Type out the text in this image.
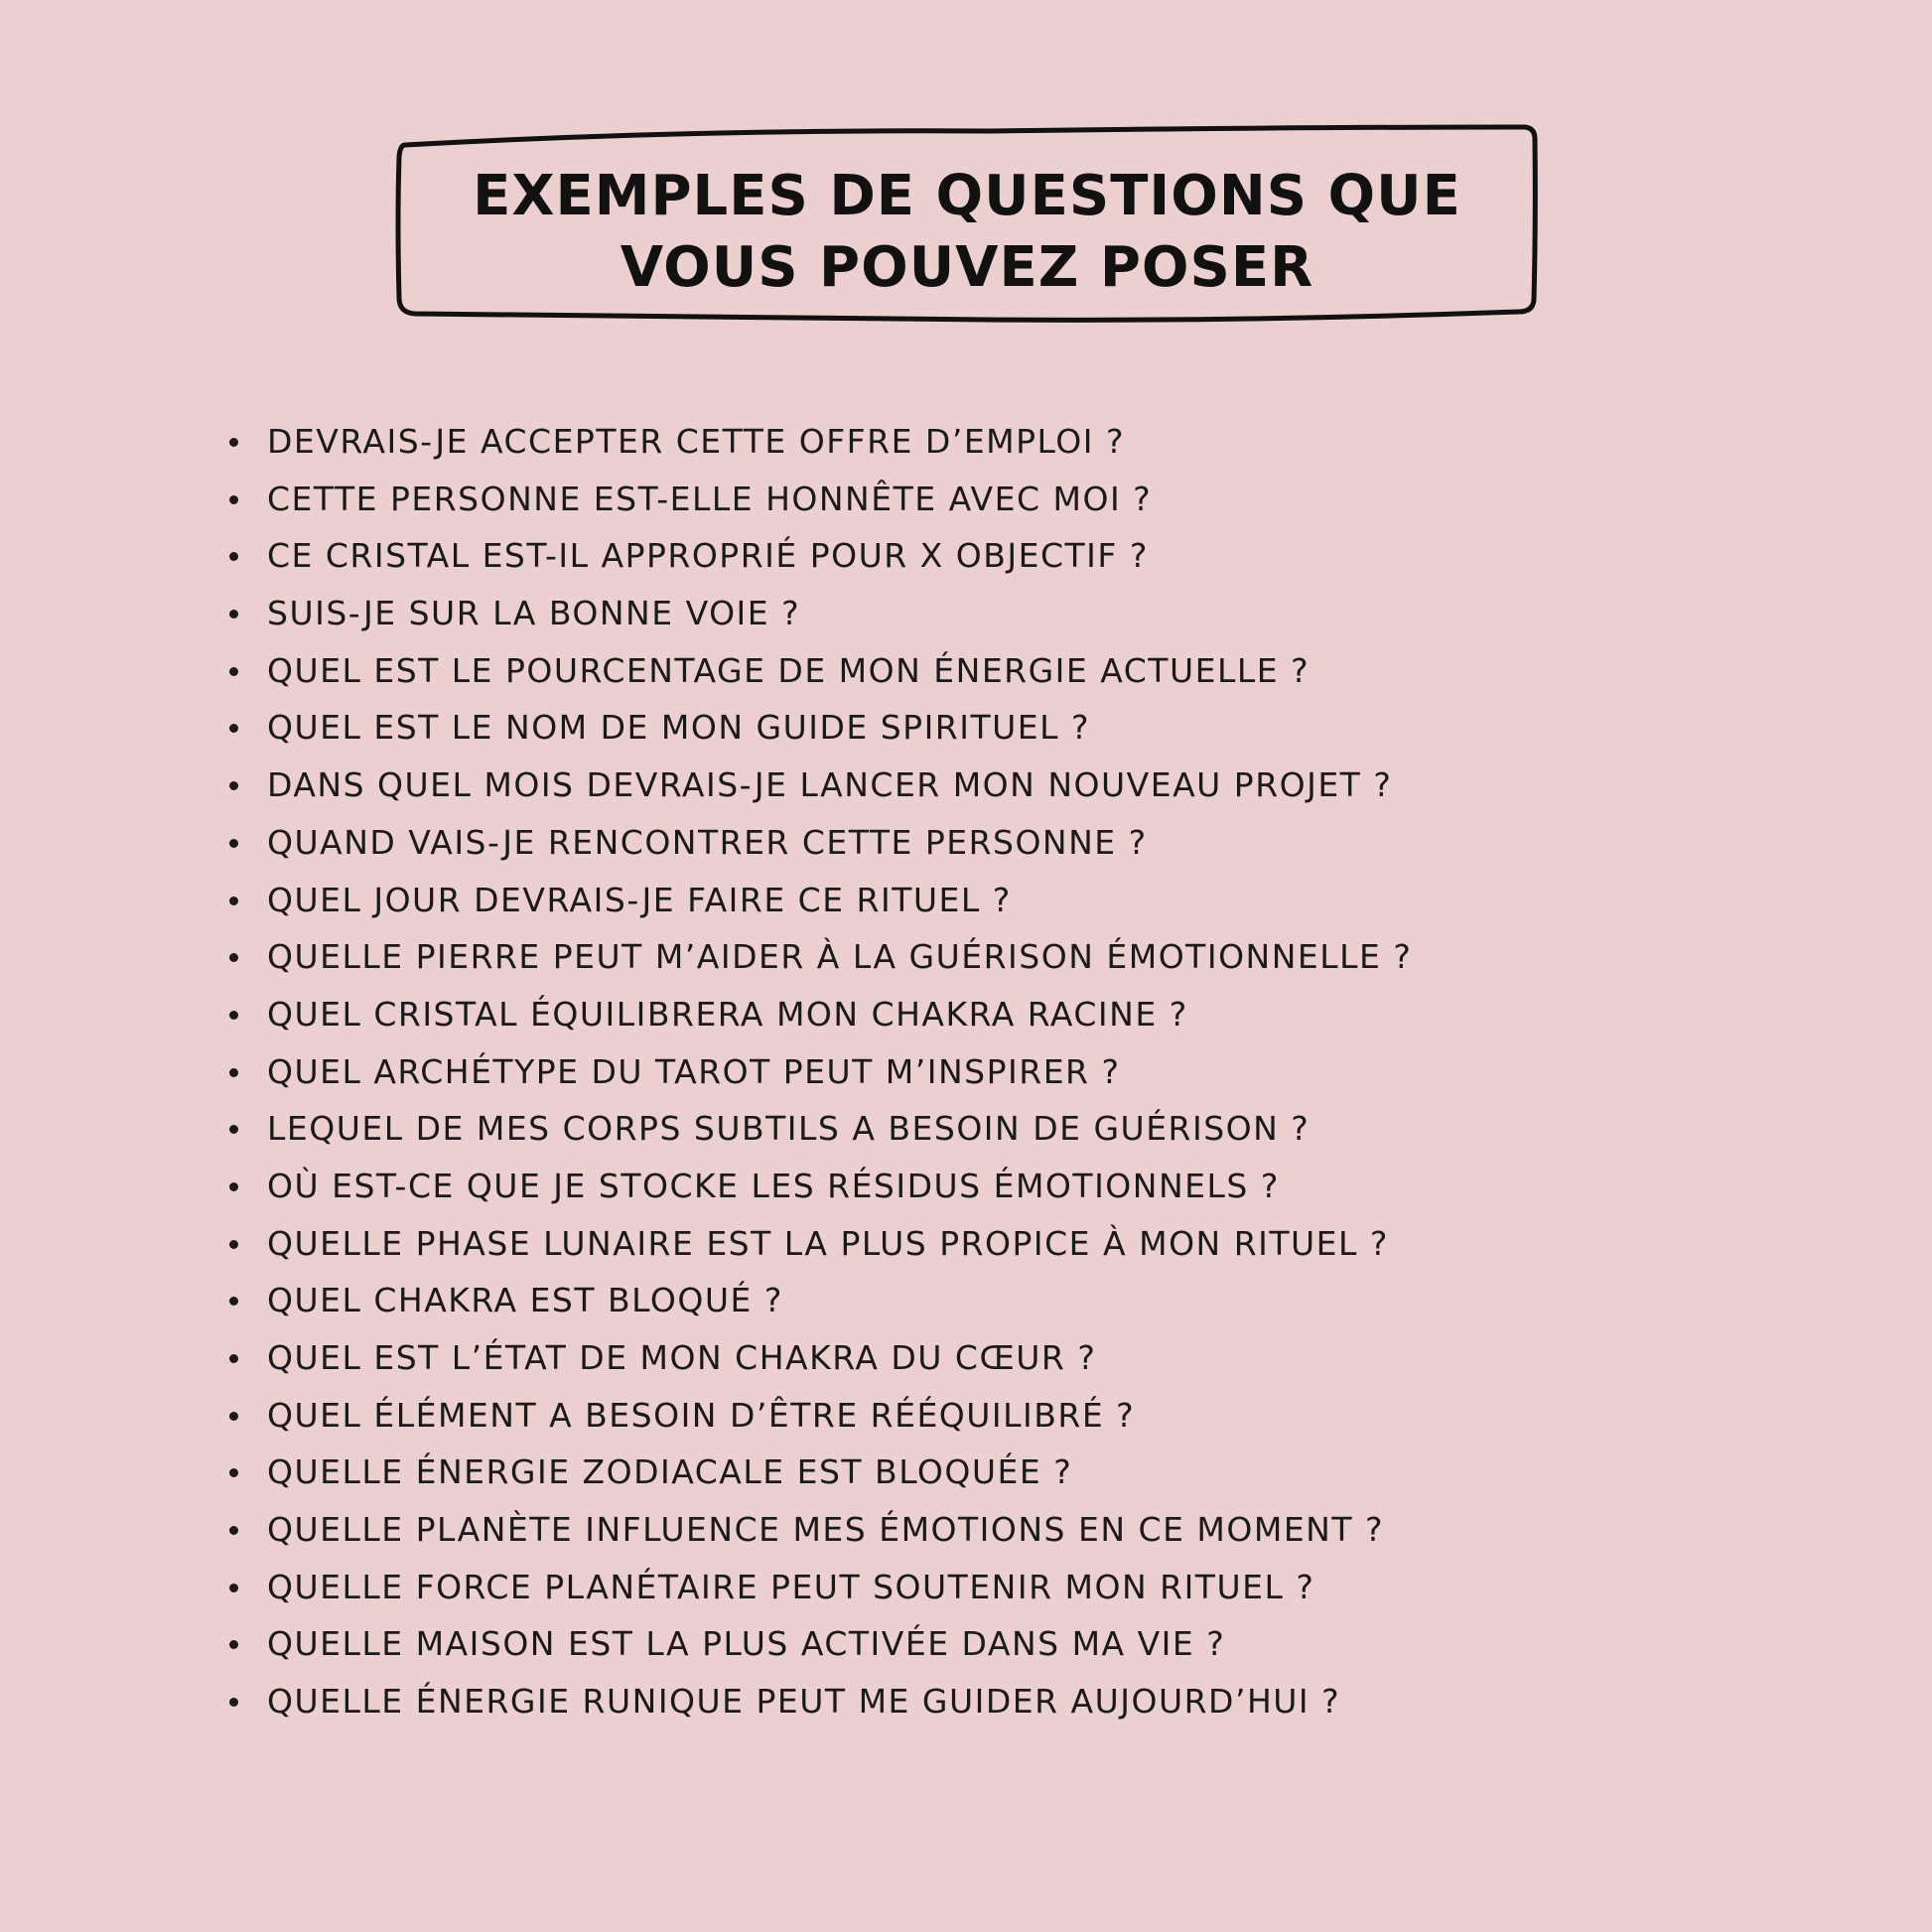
EXEMPLES DE QUESTIONS QUE
VOUS POUVEZ POSER
DEVRAIS-JE ACCEPTER CETTE OFFRE D’EMPLOI ?
CETTE PERSONNE EST-ELLE HONNÊTE AVEC MOI ?
CE CRISTAL EST-IL APPROPRIÉ POUR X OBJECTIF ?
SUIS-JE SUR LA BONNE VOIE ?
QUEL EST LE POURCENTAGE DE MON ÉNERGIE ACTUELLE ?
QUEL EST LE NOM DE MON GUIDE SPIRITUEL ?
DANS QUEL MOIS DEVRAIS-JE LANCER MON NOUVEAU PROJET ?
QUAND VAIS-JE RENCONTRER CETTE PERSONNE ?
QUEL JOUR DEVRAIS-JE FAIRE CE RITUEL ?
QUELLE PIERRE PEUT M’AIDER À LA GUÉRISON ÉMOTIONNELLE ?
QUEL CRISTAL ÉQUILIBRERA MON CHAKRA RACINE ?
QUEL ARCHÉTYPE DU TAROT PEUT M’INSPIRER ?
LEQUEL DE MES CORPS SUBTILS A BESOIN DE GUÉRISON ?
OÙ EST-CE QUE JE STOCKE LES RÉSIDUS ÉMOTIONNELS ?
QUELLE PHASE LUNAIRE EST LA PLUS PROPICE À MON RITUEL ?
QUEL CHAKRA EST BLOQUÉ ?
QUEL EST L’ÉTAT DE MON CHAKRA DU CŒUR ?
QUEL ÉLÉMENT A BESOIN D’ÊTRE RÉÉQUILIBRÉ ?
QUELLE ÉNERGIE ZODIACALE EST BLOQUÉE ?
QUELLE PLANÈTE INFLUENCE MES ÉMOTIONS EN CE MOMENT ?
QUELLE FORCE PLANÉTAIRE PEUT SOUTENIR MON RITUEL ?
QUELLE MAISON EST LA PLUS ACTIVÉE DANS MA VIE ?
QUELLE ÉNERGIE RUNIQUE PEUT ME GUIDER AUJOURD’HUI ?
